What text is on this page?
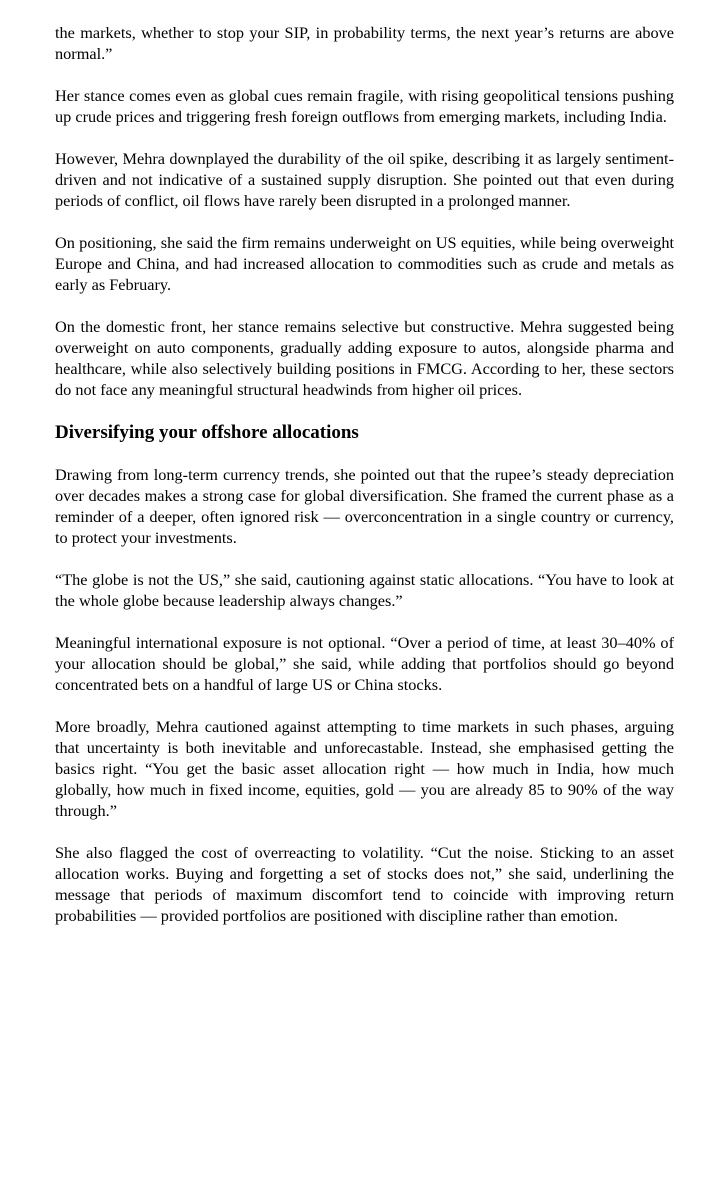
the markets, whether to stop your SIP, in probability terms, the next year’s returns are above normal.”

Her stance comes even as global cues remain fragile, with rising geopolitical tensions pushing up crude prices and triggering fresh foreign outflows from emerging markets, including India.

However, Mehra downplayed the durability of the oil spike, describing it as largely sentiment-driven and not indicative of a sustained supply disruption. She pointed out that even during periods of conflict, oil flows have rarely been disrupted in a prolonged manner.

On positioning, she said the firm remains underweight on US equities, while being overweight Europe and China, and had increased allocation to commodities such as crude and metals as early as February.

On the domestic front, her stance remains selective but constructive. Mehra suggested being overweight on auto components, gradually adding exposure to autos, alongside pharma and healthcare, while also selectively building positions in FMCG. According to her, these sectors do not face any meaningful structural headwinds from higher oil prices.

Diversifying your offshore allocations

Drawing from long-term currency trends, she pointed out that the rupee’s steady depreciation over decades makes a strong case for global diversification. She framed the current phase as a reminder of a deeper, often ignored risk — overconcentration in a single country or currency, to protect your investments.

“The globe is not the US,” she said, cautioning against static allocations. “You have to look at the whole globe because leadership always changes.”

Meaningful international exposure is not optional. “Over a period of time, at least 30–40% of your allocation should be global,” she said, while adding that portfolios should go beyond concentrated bets on a handful of large US or China stocks.

More broadly, Mehra cautioned against attempting to time markets in such phases, arguing that uncertainty is both inevitable and unforecastable. Instead, she emphasised getting the basics right. “You get the basic asset allocation right — how much in India, how much globally, how much in fixed income, equities, gold — you are already 85 to 90% of the way through.”

She also flagged the cost of overreacting to volatility. “Cut the noise. Sticking to an asset allocation works. Buying and forgetting a set of stocks does not,” she said, underlining the message that periods of maximum discomfort tend to coincide with improving return probabilities — provided portfolios are positioned with discipline rather than emotion.
